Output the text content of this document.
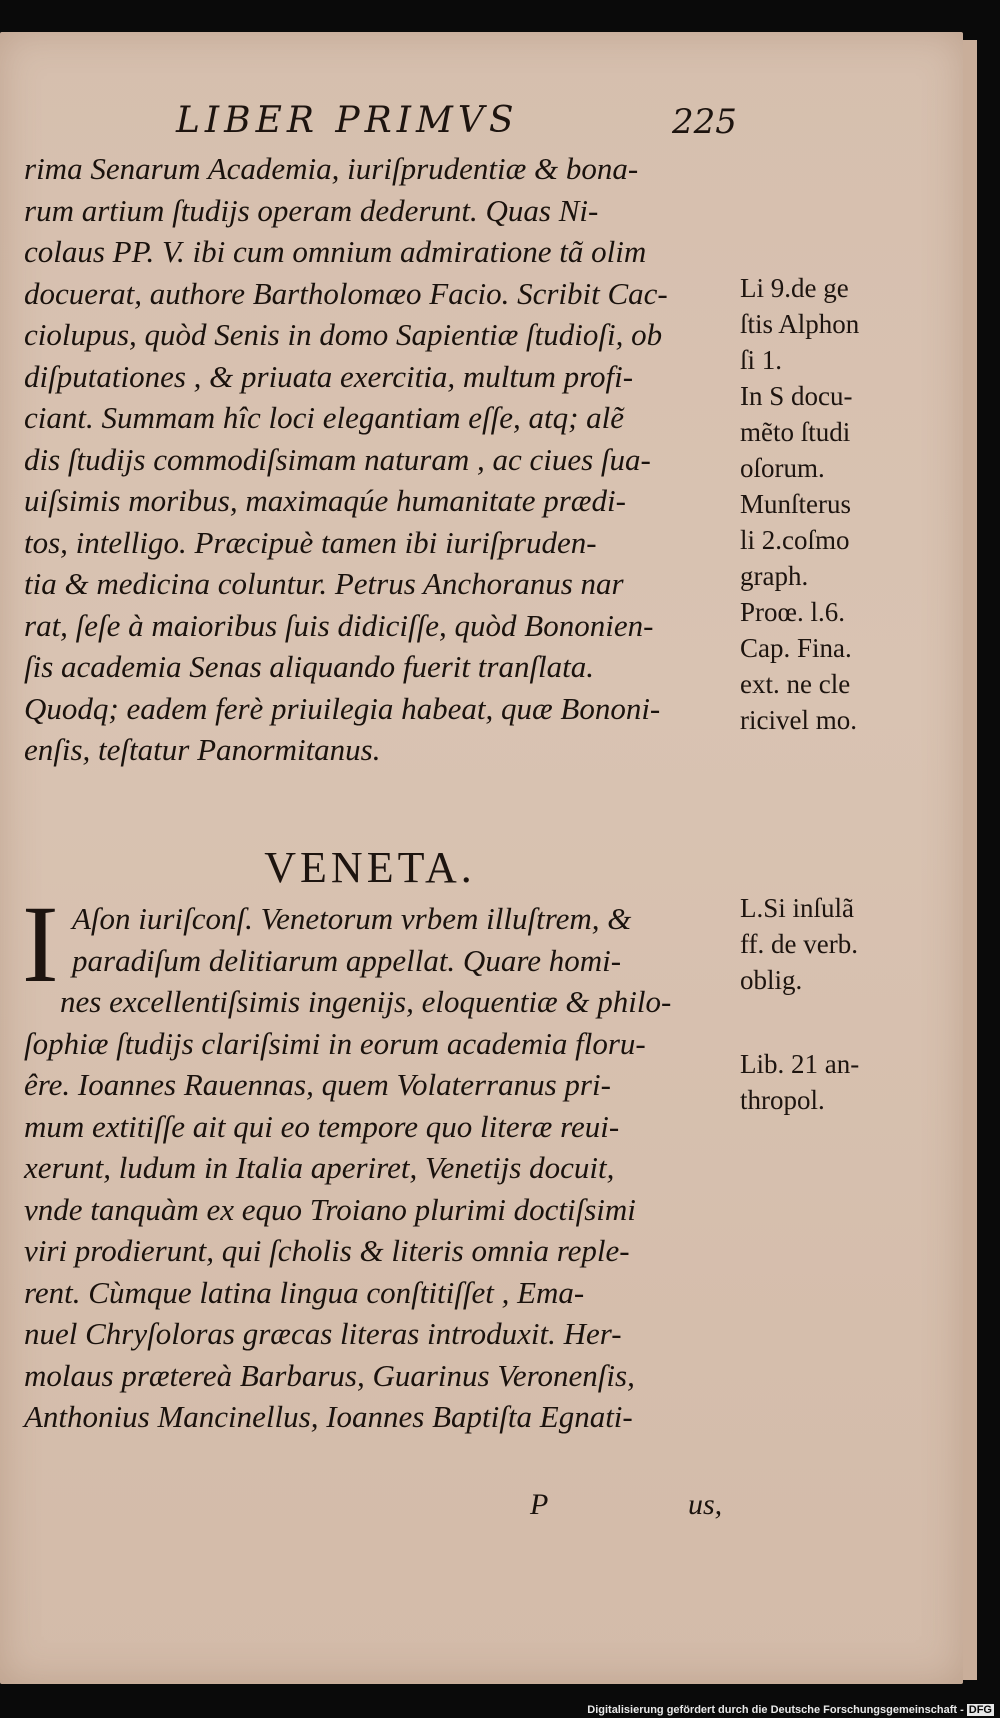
LIBER PRIMVS	225
rima Senarum Academia, iuriſprudentiæ & bona-
rum artium ſtudijs operam dederunt. Quas Ni-
colaus PP. V. ibi cum omnium admiratione tã olim
docuerat, authore Bartholomæo Facio. Scribit Cac-
ciolupus, quòd Senis in domo Sapientiæ ſtudioſi, ob
diſputationes , & priuata exercitia, multum profi-
ciant. Summam hîc loci elegantiam eſſe, atq; alẽ
dis ſtudijs commodiſsimam naturam , ac ciues ſua-
uiſsimis moribus, maximaqúe humanitate prædi-
tos, intelligo. Præcipuè tamen ibi iuriſpruden-
tia & medicina coluntur. Petrus Anchoranus nar
rat, ſeſe à maioribus ſuis didiciſſe, quòd Bononien-
ſis academia Senas aliquando fuerit tranſlata.
Quodq; eadem ferè priuilegia habeat, quæ Bononi-
enſis, teſtatur Panormitanus.
VENETA.
I Aſon iuriſconſ. Venetorum vrbem illuſtrem, &
paradiſum delitiarum appellat. Quare homi-
nes excellentiſsimis ingenijs, eloquentiæ & philo-
ſophiæ ſtudijs clariſsimi in eorum academia floru-
êre. Ioannes Rauennas, quem Volaterranus pri-
mum extitiſſe ait qui eo tempore quo literæ reui-
xerunt, ludum in Italia aperiret, Venetijs docuit,
vnde tanquàm ex equo Troiano plurimi doctiſsimi
viri prodierunt, qui ſcholis & literis omnia reple-
rent. Cùmque latina lingua conſtitiſſet , Ema-
nuel Chryſoloras græcas literas introduxit. Her-
molaus prætereà Barbarus, Guarinus Veronenſis,
Anthonius Mancinellus, Ioannes Baptiſta Egnati-
Li 9.de ge
ſtis Alphon
ſi 1.
In S docu-
mẽto ſtudi
oſorum.
Munſterus
li 2.coſmo
graph.
Proœ. l.6.
Cap. Fina.
ext. ne cle
ricivel mo.
L.Si inſulã
ff. de verb.
oblig.
Lib. 21 an-
thropol.
P	us,
Digitalisierung gefördert durch die Deutsche Forschungsgemeinschaft - DFG
